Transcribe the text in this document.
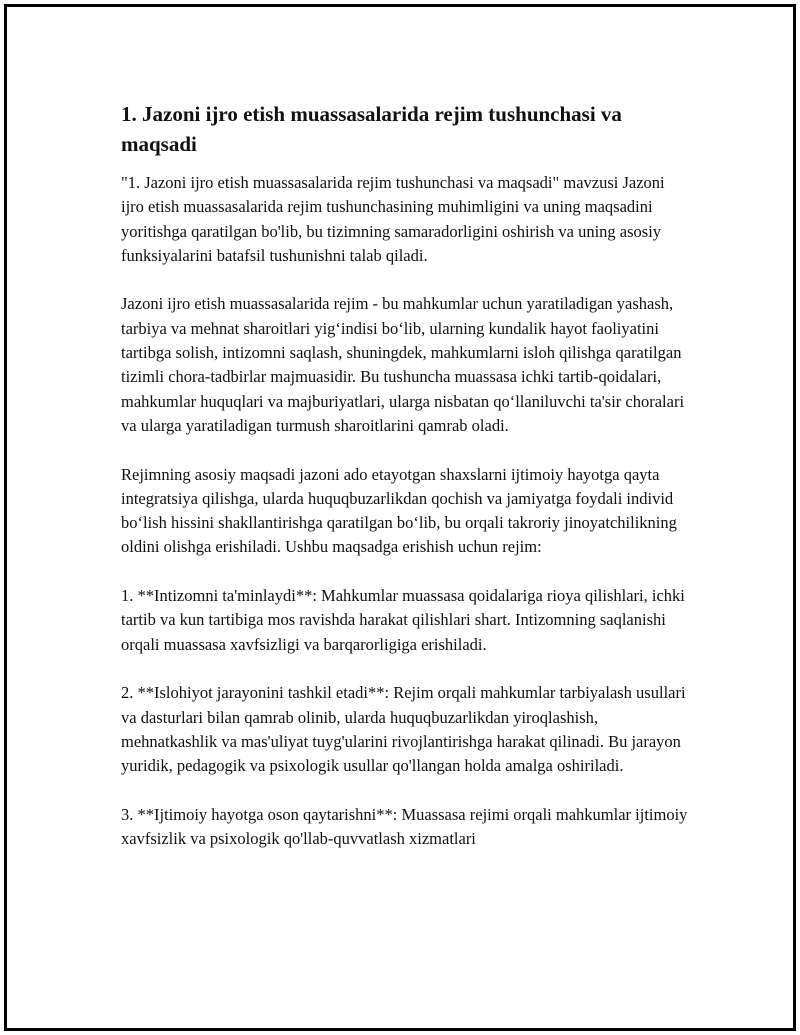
1. Jazoni ijro etish muassasalarida rejim tushunchasi va maqsadi

"1. Jazoni ijro etish muassasalarida rejim tushunchasi va maqsadi" mavzusi Jazoni ijro etish muassasalarida rejim tushunchasining muhimligini va uning maqsadini yoritishga qaratilgan bo'lib, bu tizimning samaradorligini oshirish va uning asosiy funksiyalarini batafsil tushunishni talab qiladi.

Jazoni ijro etish muassasalarida rejim - bu mahkumlar uchun yaratiladigan yashash, tarbiya va mehnat sharoitlari yig‘indisi bo‘lib, ularning kundalik hayot faoliyatini tartibga solish, intizomni saqlash, shuningdek, mahkumlarni isloh qilishga qaratilgan tizimli chora-tadbirlar majmuasidir. Bu tushuncha muassasa ichki tartib-qoidalari, mahkumlar huquqlari va majburiyatlari, ularga nisbatan qo‘llaniluvchi ta'sir choralari va ularga yaratiladigan turmush sharoitlarini qamrab oladi.

Rejimning asosiy maqsadi jazoni ado etayotgan shaxslarni ijtimoiy hayotga qayta integratsiya qilishga, ularda huquqbuzarlikdan qochish va jamiyatga foydali individ bo‘lish hissini shakllantirishga qaratilgan bo‘lib, bu orqali takroriy jinoyatchilikning oldini olishga erishiladi. Ushbu maqsadga erishish uchun rejim:

1. **Intizomni ta'minlaydi**: Mahkumlar muassasa qoidalariga rioya qilishlari, ichki tartib va kun tartibiga mos ravishda harakat qilishlari shart. Intizomning saqlanishi orqali muassasa xavfsizligi va barqarorligiga erishiladi.

2. **Islohiyot jarayonini tashkil etadi**: Rejim orqali mahkumlar tarbiyalash usullari va dasturlari bilan qamrab olinib, ularda huquqbuzarlikdan yiroqlashish, mehnatkashlik va mas'uliyat tuyg'ularini rivojlantirishga harakat qilinadi. Bu jarayon yuridik, pedagogik va psixologik usullar qo'llangan holda amalga oshiriladi.

3. **Ijtimoiy hayotga oson qaytarishni**: Muassasa rejimi orqali mahkumlar ijtimoiy xavfsizlik va psixologik qo'llab-quvvatlash xizmatlari
